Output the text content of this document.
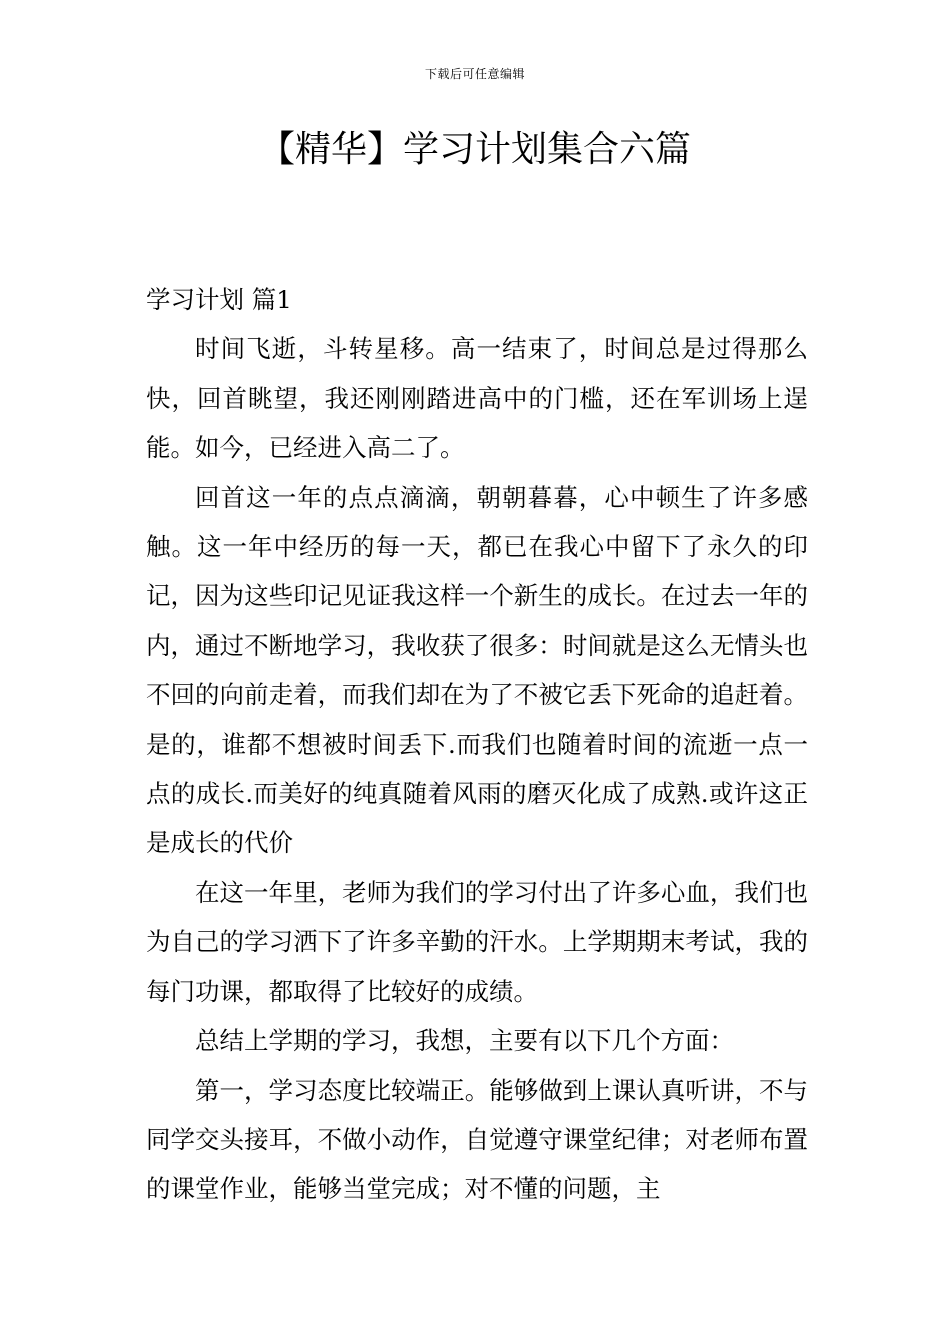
下载后可任意编辑
【精华】学习计划集合六篇
学习计划 篇1

时间飞逝，斗转星移。高一结束了，时间总是过得那么快，回首眺望，我还刚刚踏进高中的门槛，还在军训场上逞能。如今，已经进入高二了。

回首这一年的点点滴滴，朝朝暮暮，心中顿生了许多感触。这一年中经历的每一天，都已在我心中留下了永久的印记，因为这些印记见证我这样一个新生的成长。在过去一年的内，通过不断地学习，我收获了很多：时间就是这么无情头也不回的向前走着，而我们却在为了不被它丢下死命的追赶着。是的，谁都不想被时间丢下.而我们也随着时间的流逝一点一点的成长.而美好的纯真随着风雨的磨灭化成了成熟.或许这正是成长的代价

在这一年里，老师为我们的学习付出了许多心血，我们也为自己的学习洒下了许多辛勤的汗水。上学期期末考试，我的每门功课，都取得了比较好的成绩。

总结上学期的学习，我想，主要有以下几个方面：

第一，学习态度比较端正。能够做到上课认真听讲，不与同学交头接耳，不做小动作，自觉遵守课堂纪律；对老师布置的课堂作业，能够当堂完成；对不懂的问题，主
